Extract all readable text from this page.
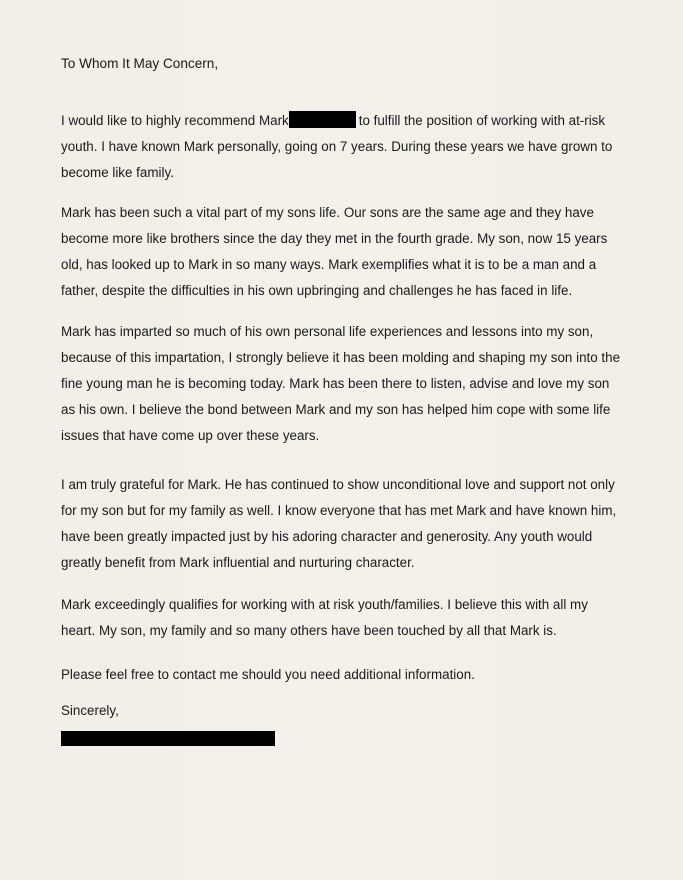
To Whom It May Concern,

I would like to highly recommend Mark	to fulfill the position of working with at-risk youth. I have known Mark personally, going on 7 years. During these years we have grown to become like family.

Mark has been such a vital part of my sons life. Our sons are the same age and they have become more like brothers since the day they met in the fourth grade. My son, now 15 years old, has looked up to Mark in so many ways. Mark exemplifies what it is to be a man and a father, despite the difficulties in his own upbringing and challenges he has faced in life.

Mark has imparted so much of his own personal life experiences and lessons into my son, because of this impartation, I strongly believe it has been molding and shaping my son into the fine young man he is becoming today. Mark has been there to listen, advise and love my son as his own. I believe the bond between Mark and my son has helped him cope with some life issues that have come up over these years.

I am truly grateful for Mark. He has continued to show unconditional love and support not only for my son but for my family as well. I know everyone that has met Mark and have known him, have been greatly impacted just by his adoring character and generosity. Any youth would greatly benefit from Mark influential and nurturing character.

Mark exceedingly qualifies for working with at risk youth/families. I believe this with all my heart. My son, my family and so many others have been touched by all that Mark is.

Please feel free to contact me should you need additional information.

Sincerely,
